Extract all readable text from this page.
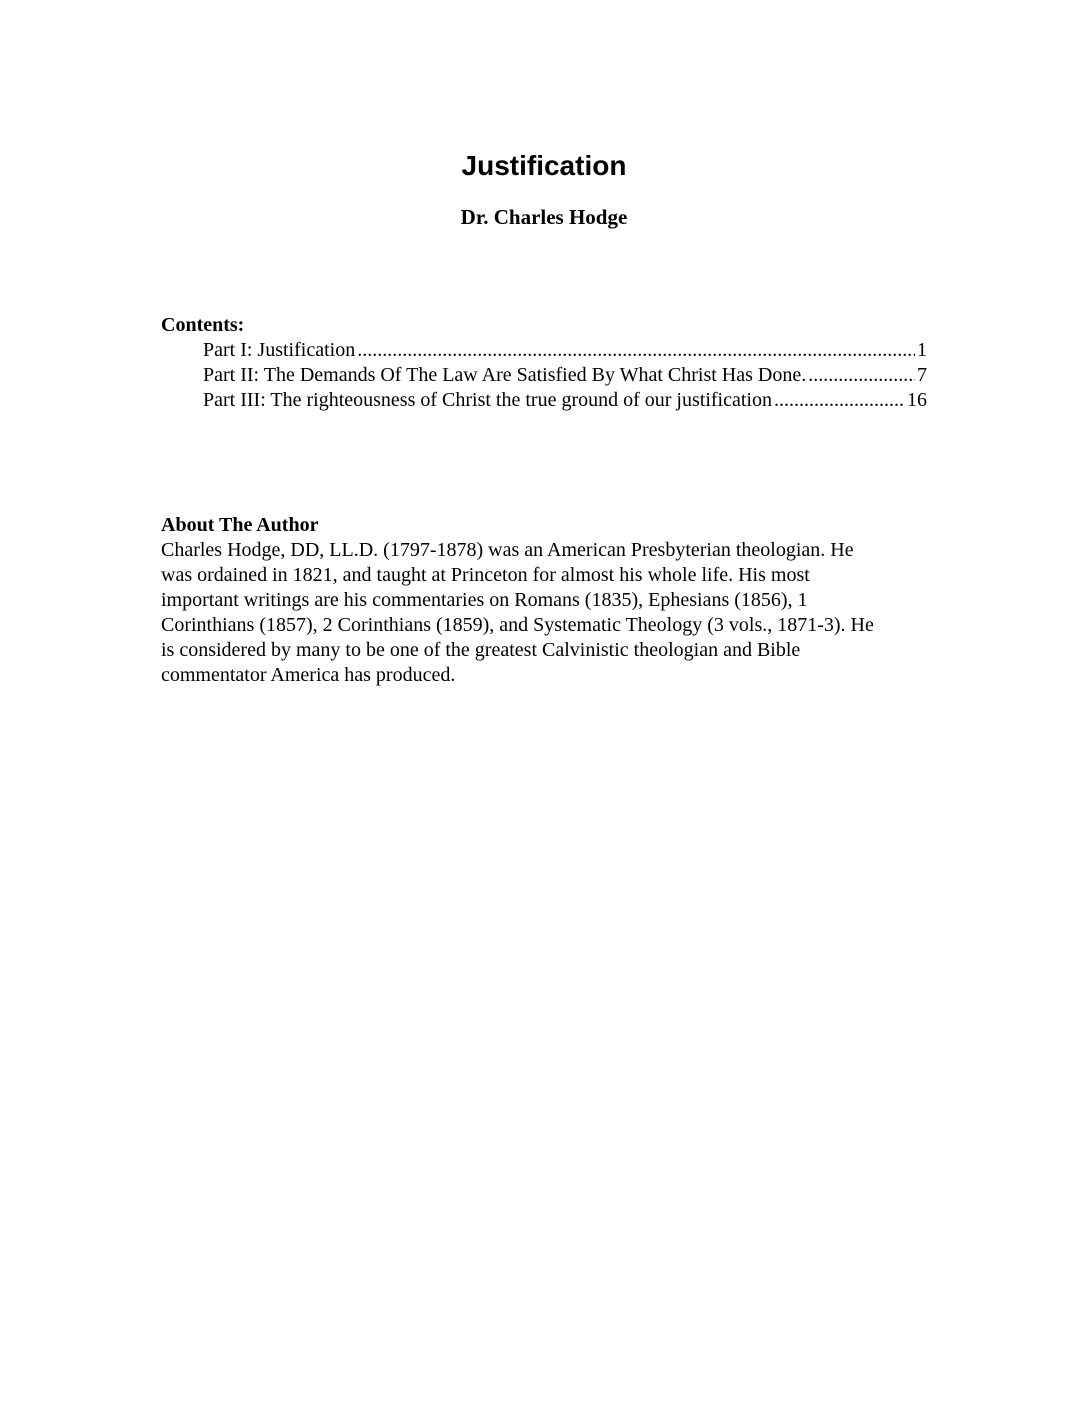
Justification

Dr. Charles Hodge

Contents:

Part I: Justification .....	1
Part II: The Demands Of The Law Are Satisfied By What Christ Has Done. .....	7
Part III: The righteousness of Christ the true ground of our justification .....	16

About The Author

Charles Hodge, DD, LL.D. (1797-1878) was an American Presbyterian theologian. He
was ordained in 1821, and taught at Princeton for almost his whole life. His most
important writings are his commentaries on Romans (1835), Ephesians (1856), 1
Corinthians (1857), 2 Corinthians (1859), and Systematic Theology (3 vols., 1871-3). He
is considered by many to be one of the greatest Calvinistic theologian and Bible
commentator America has produced.
